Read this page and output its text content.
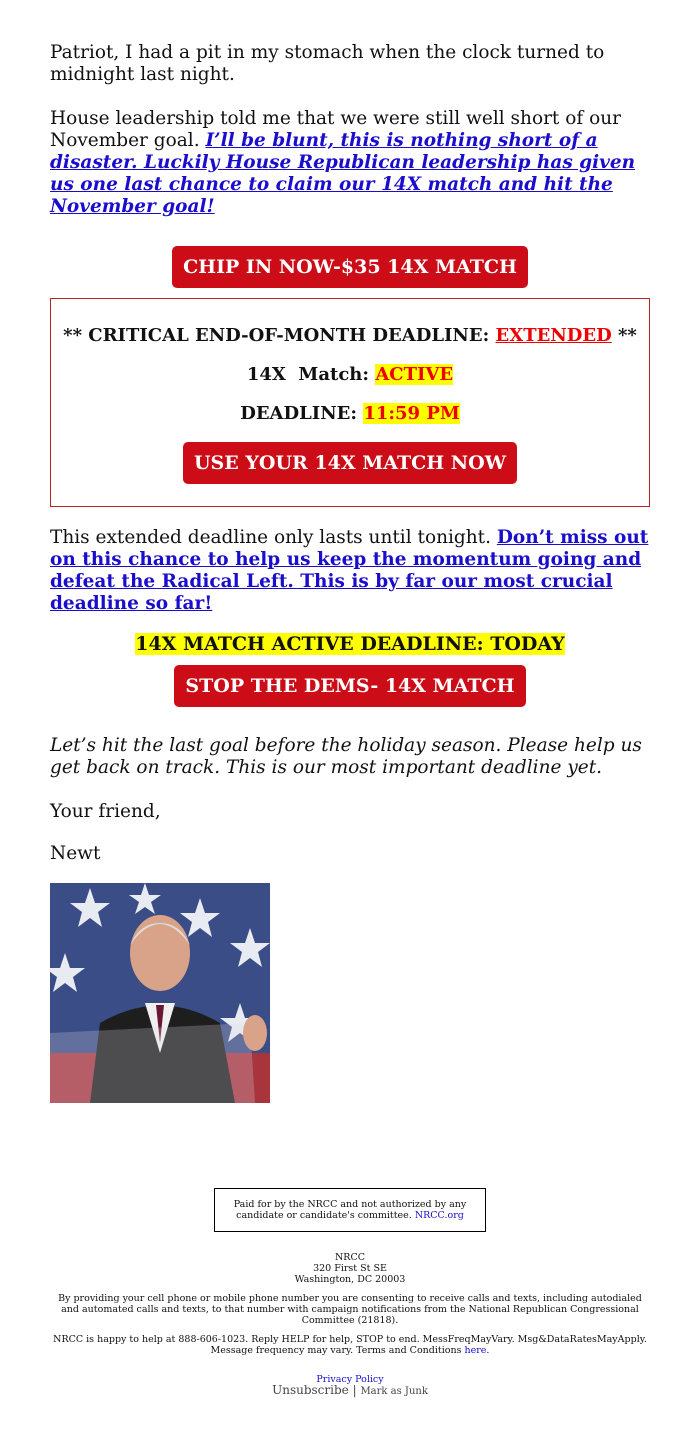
Patriot, I had a pit in my stomach when the clock turned to midnight last night.

House leadership told me that we were still well short of our November goal. I’ll be blunt, this is nothing short of a disaster. Luckily House Republican leadership has given us one last chance to claim our 14X match and hit the November goal!

CHIP IN NOW-$35 14X MATCH
** CRITICAL END-OF-MONTH DEADLINE: EXTENDED **
14X  Match: ACTIVE
DEADLINE: 11:59 PM
USE YOUR 14X MATCH NOW

This extended deadline only lasts until tonight. Don’t miss out on this chance to help us keep the momentum going and defeat the Radical Left. This is by far our most crucial deadline so far!

14X MATCH ACTIVE DEADLINE: TODAY
STOP THE DEMS- 14X MATCH

Let’s hit the last goal before the holiday season. Please help us get back on track. This is our most important deadline yet.

Your friend,

Newt

Paid for by the NRCC and not authorized by any candidate or candidate's committee. NRCC.org
NRCC
320 First St SE
Washington, DC 20003
By providing your cell phone or mobile phone number you are consenting to receive calls and texts, including autodialed and automated calls and texts, to that number with campaign notifications from the National Republican Congressional Committee (21818).
NRCC is happy to help at 888-606-1023. Reply HELP for help, STOP to end. MessFreqMayVary. Msg&DataRatesMayApply. Message frequency may vary. Terms and Conditions here.
Privacy Policy
Unsubscribe | Mark as Junk
